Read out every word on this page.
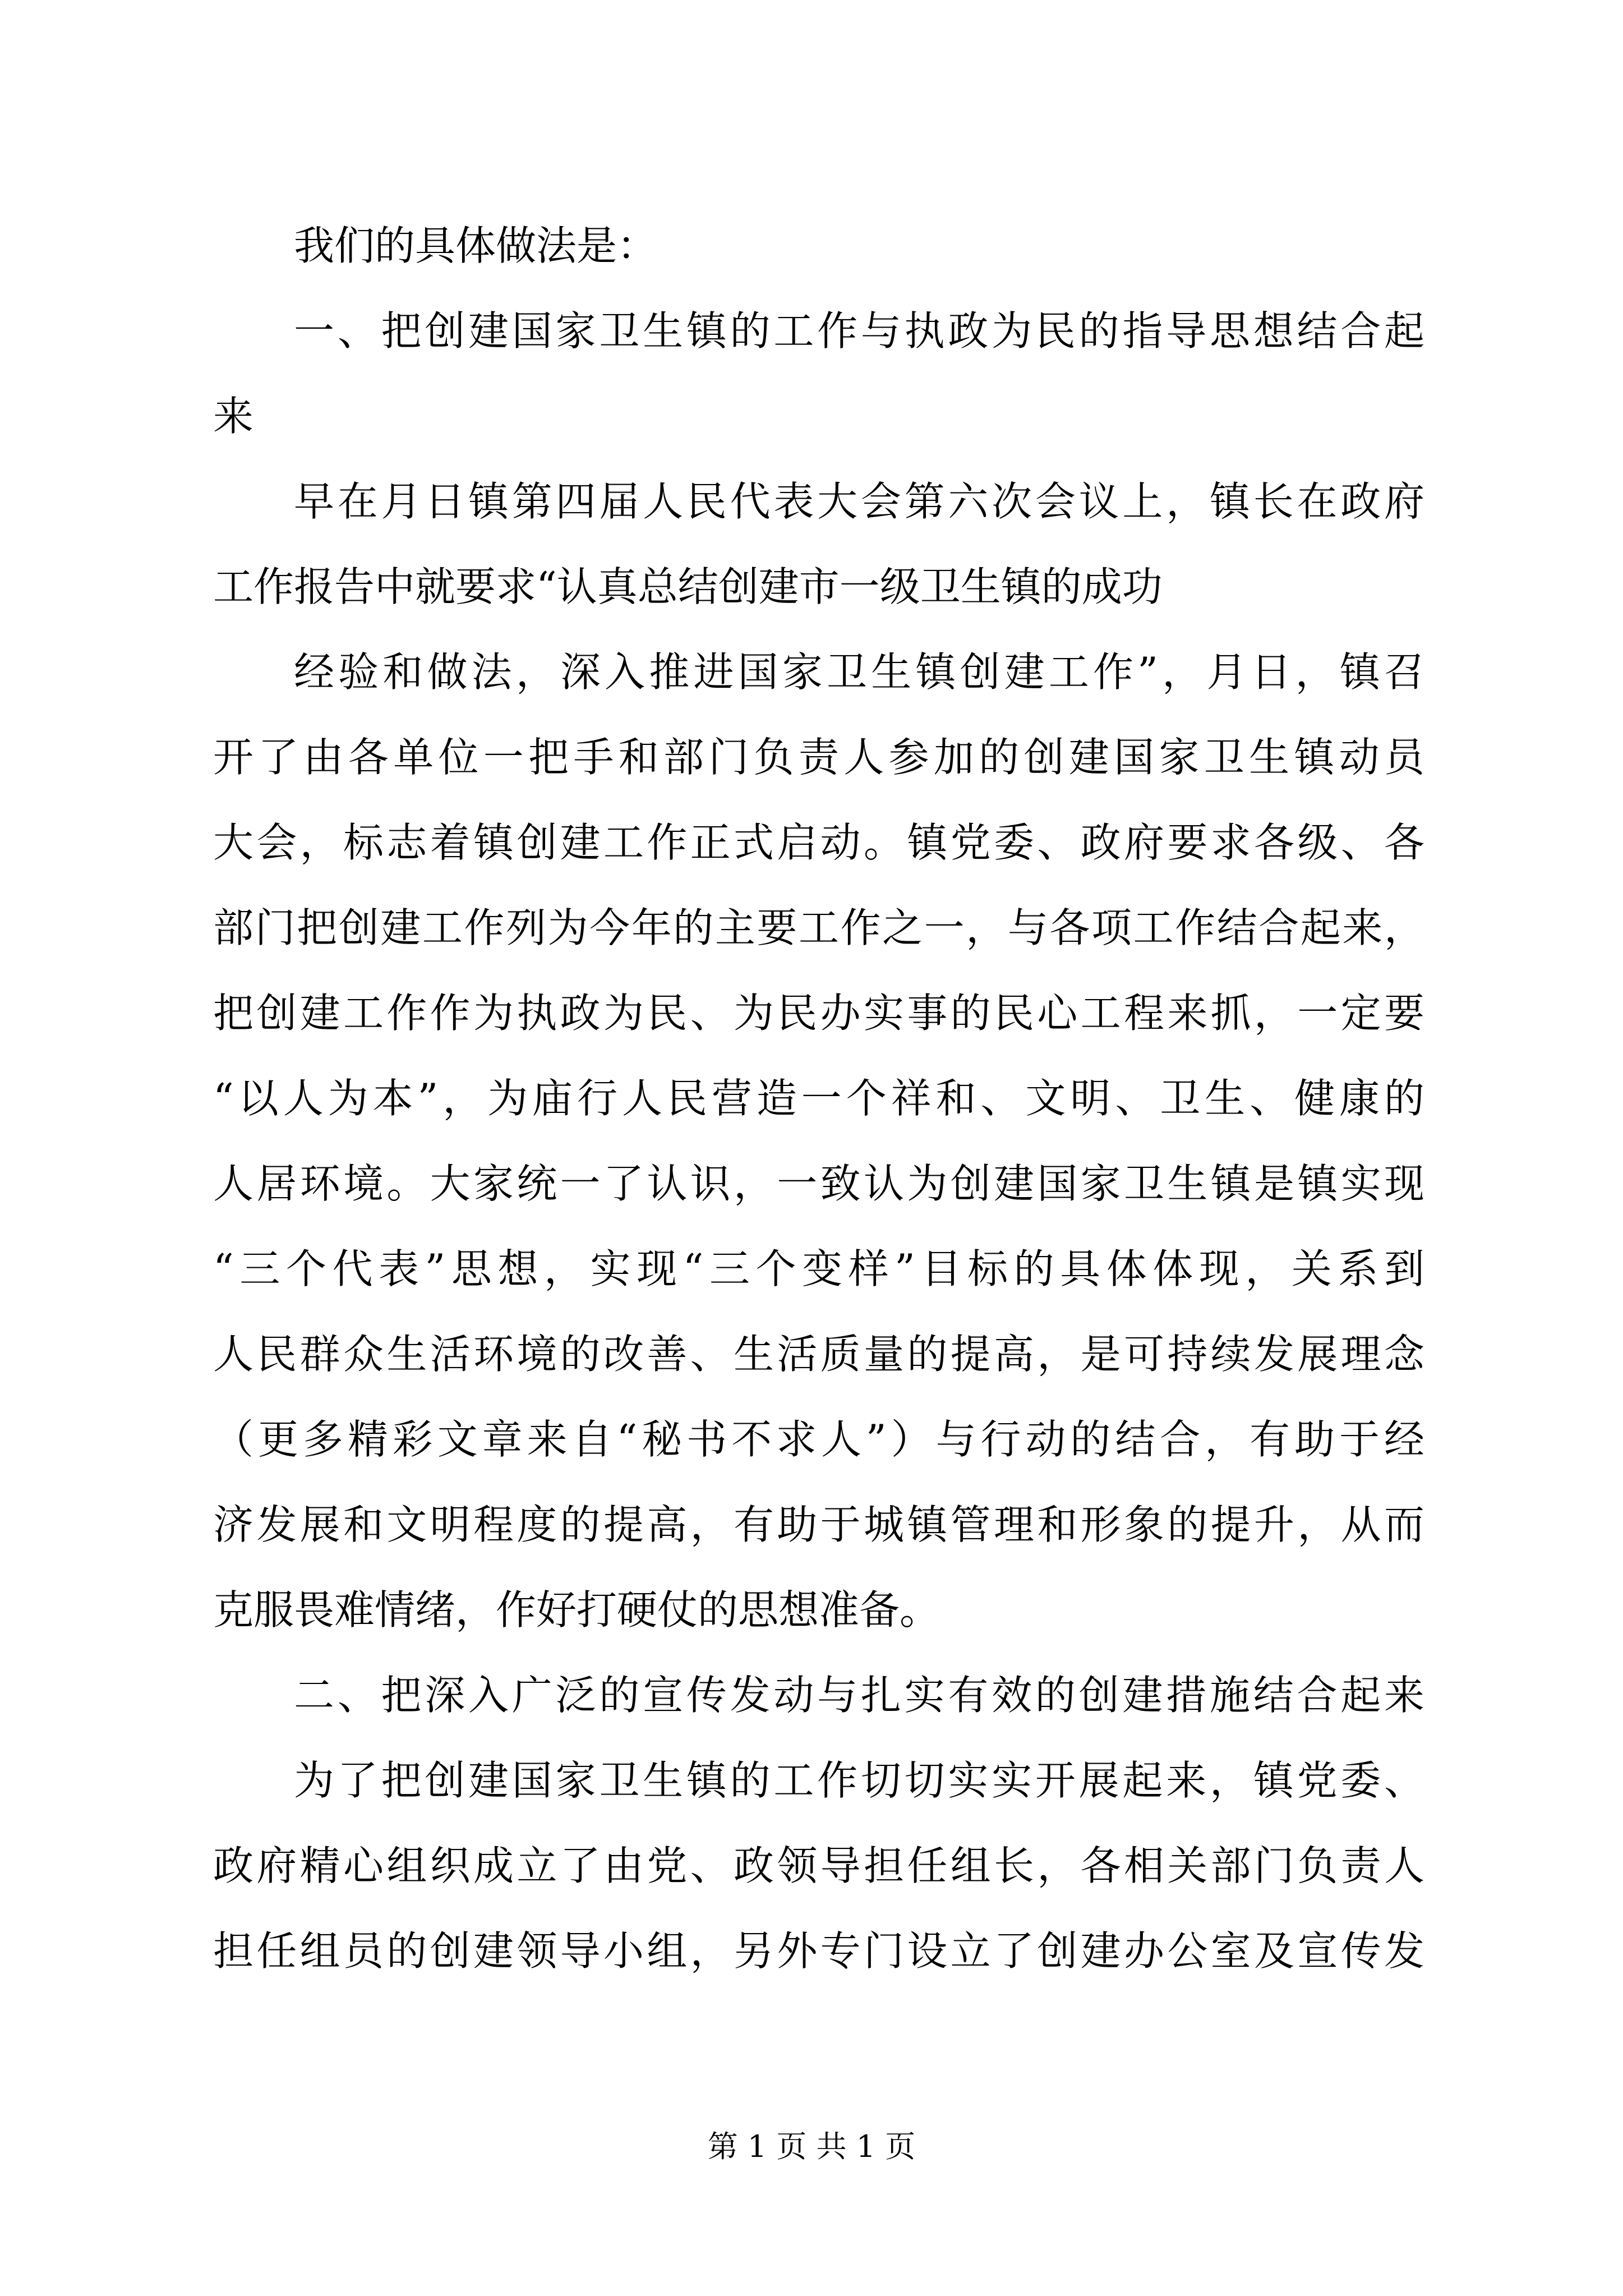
我们的具体做法是：
一、把创建国家卫生镇的工作与执政为民的指导思想结合起
来
早在月日镇第四届人民代表大会第六次会议上，镇长在政府
工作报告中就要求“认真总结创建市一级卫生镇的成功
经验和做法，深入推进国家卫生镇创建工作”，月日，镇召
开了由各单位一把手和部门负责人参加的创建国家卫生镇动员
大会，标志着镇创建工作正式启动。镇党委、政府要求各级、各
部门把创建工作列为今年的主要工作之一，与各项工作结合起来，
把创建工作作为执政为民、为民办实事的民心工程来抓，一定要
“以人为本”，为庙行人民营造一个祥和、文明、卫生、健康的
人居环境。大家统一了认识，一致认为创建国家卫生镇是镇实现
“三个代表”思想，实现“三个变样”目标的具体体现，关系到
人民群众生活环境的改善、生活质量的提高，是可持续发展理念
（更多精彩文章来自“秘书不求人”）与行动的结合，有助于经
济发展和文明程度的提高，有助于城镇管理和形象的提升，从而
克服畏难情绪，作好打硬仗的思想准备。
二、把深入广泛的宣传发动与扎实有效的创建措施结合起来
为了把创建国家卫生镇的工作切切实实开展起来，镇党委、
政府精心组织成立了由党、政领导担任组长，各相关部门负责人
担任组员的创建领导小组，另外专门设立了创建办公室及宣传发
第 1 页 共 1 页
